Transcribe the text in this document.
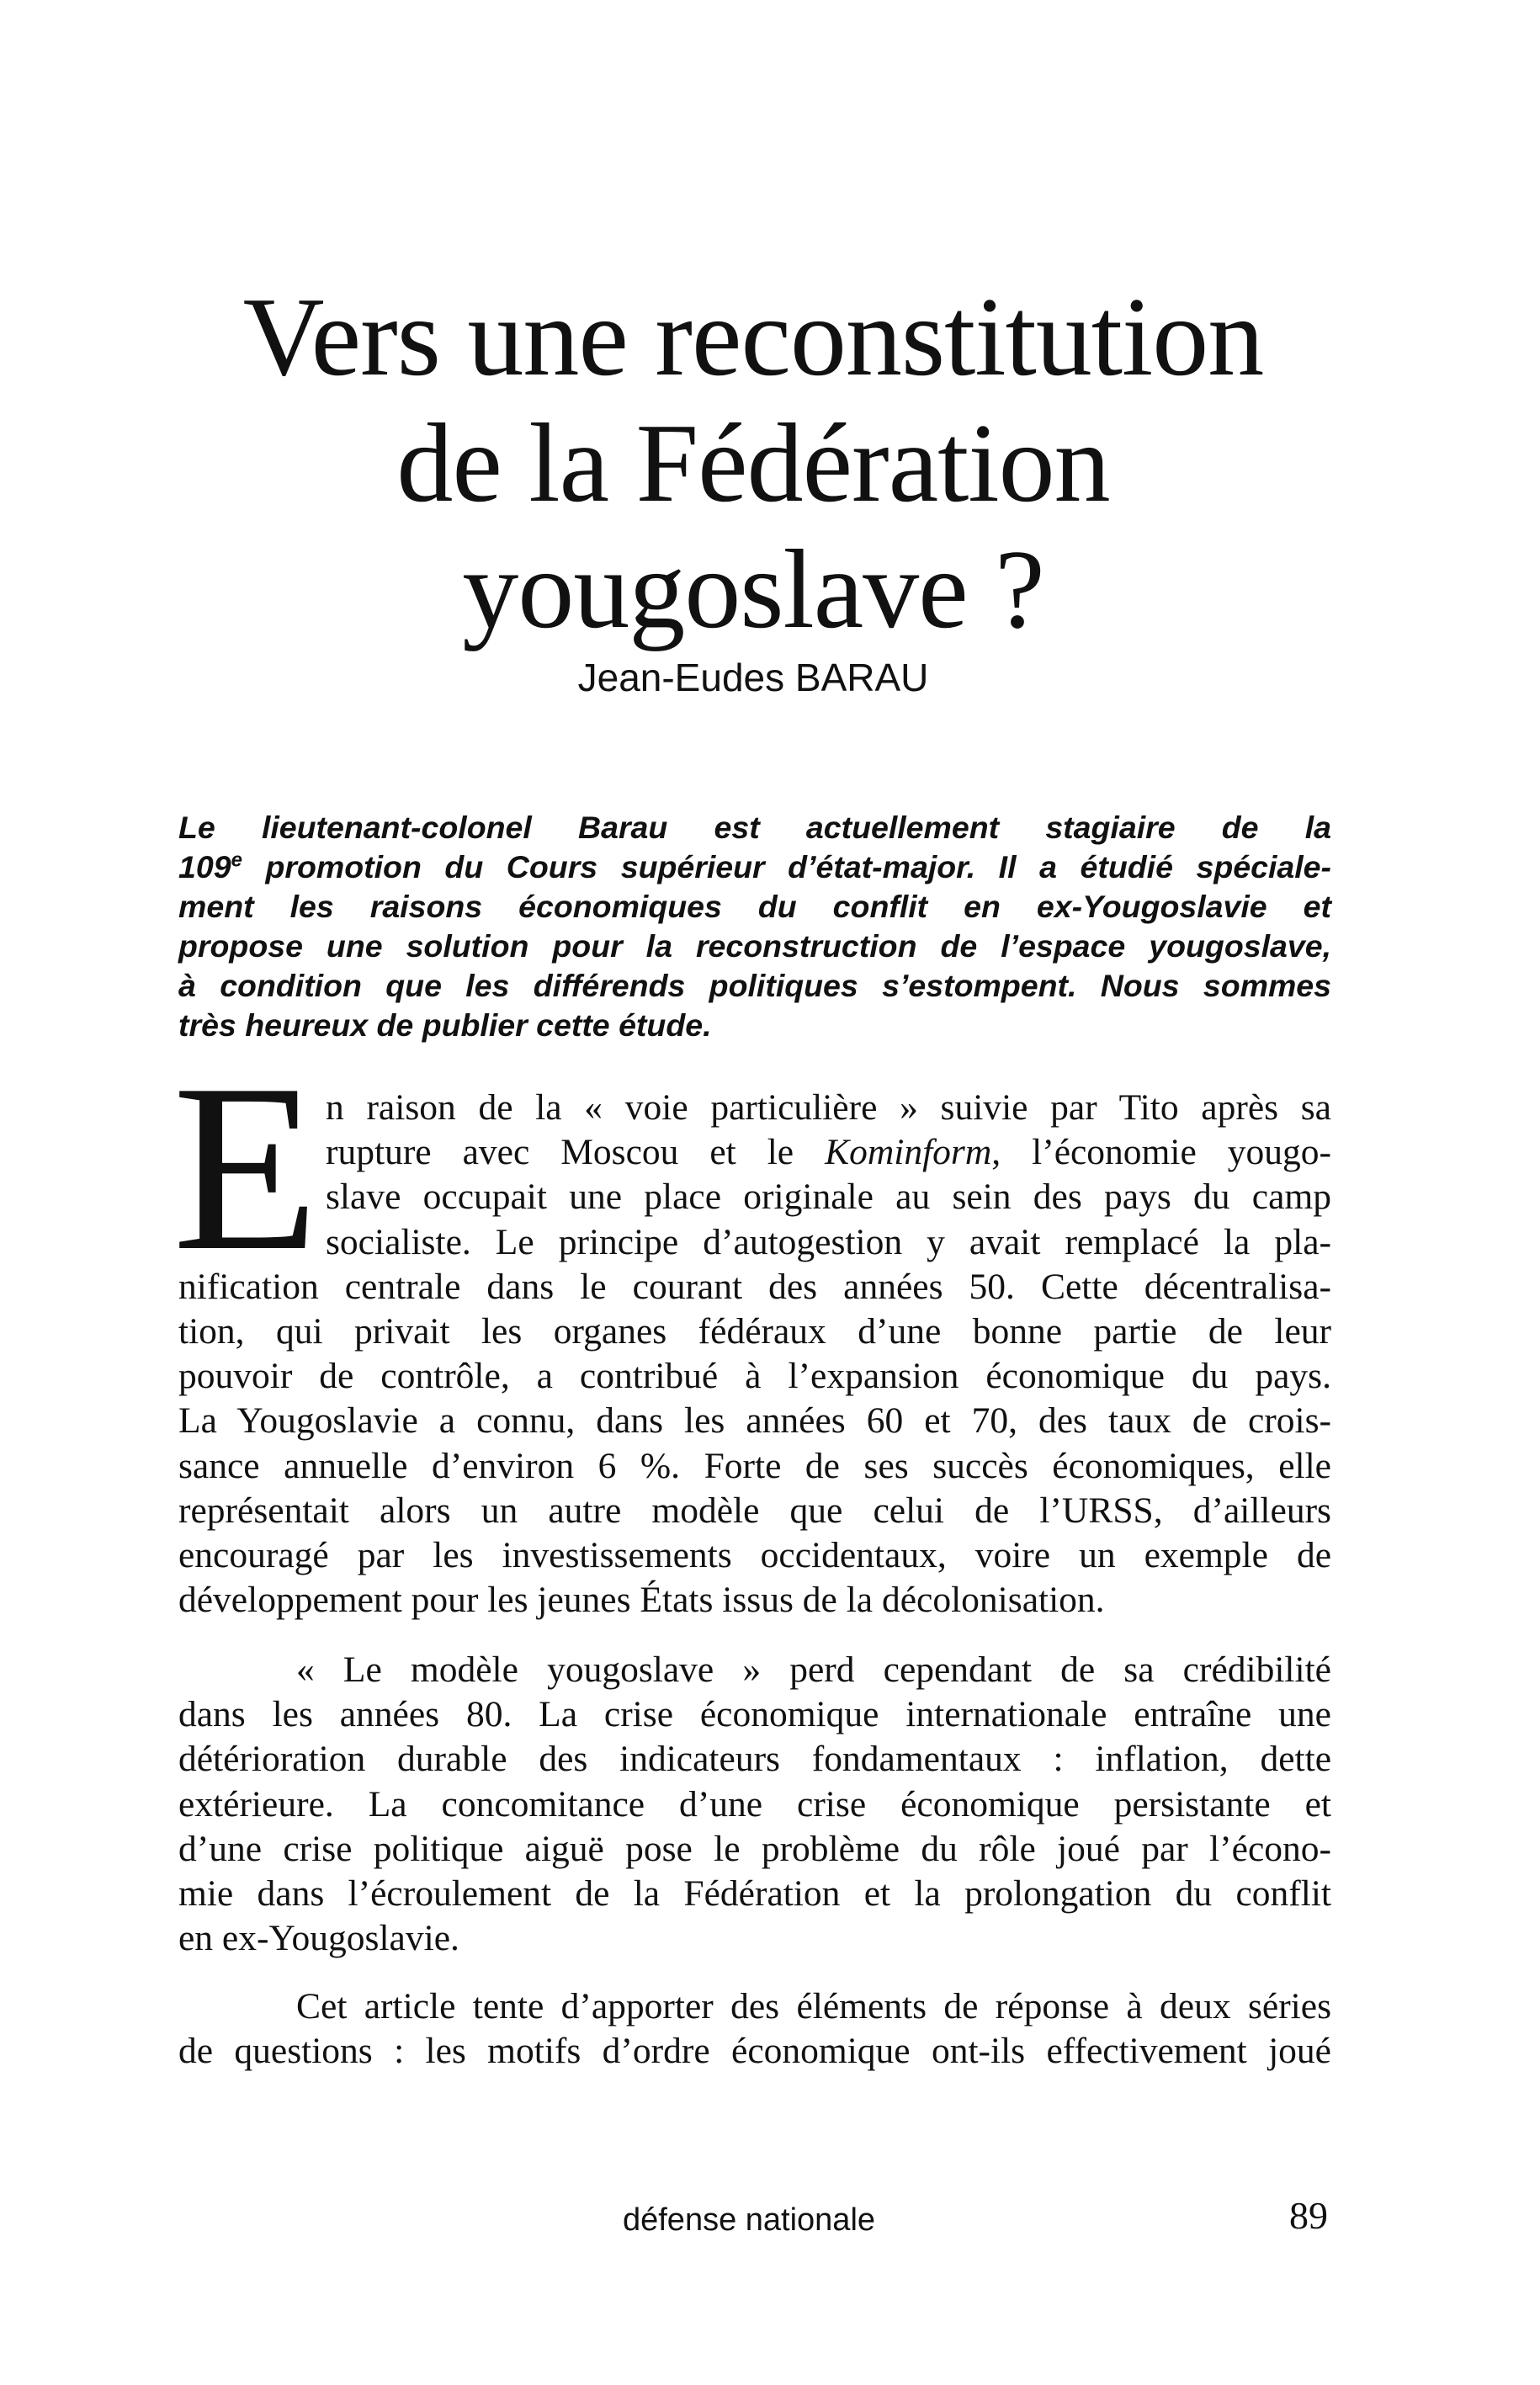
Vers une reconstitution
de la Fédération
yougoslave ?
Jean-Eudes BARAU
Le lieutenant-colonel Barau est actuellement stagiaire de la
109e promotion du Cours supérieur d’état-major. Il a étudié spéciale-
ment les raisons économiques du conflit en ex-Yougoslavie et
propose une solution pour la reconstruction de l’espace yougoslave,
à condition que les différends politiques s’estompent. Nous sommes
très heureux de publier cette étude.
E n raison de la « voie particulière » suivie par Tito après sa
rupture avec Moscou et le Kominform, l’économie yougo-
slave occupait une place originale au sein des pays du camp
socialiste. Le principe d’autogestion y avait remplacé la pla-
nification centrale dans le courant des années 50. Cette décentralisa-
tion, qui privait les organes fédéraux d’une bonne partie de leur
pouvoir de contrôle, a contribué à l’expansion économique du pays.
La Yougoslavie a connu, dans les années 60 et 70, des taux de crois-
sance annuelle d’environ 6 %. Forte de ses succès économiques, elle
représentait alors un autre modèle que celui de l’URSS, d’ailleurs
encouragé par les investissements occidentaux, voire un exemple de
développement pour les jeunes États issus de la décolonisation.
« Le modèle yougoslave » perd cependant de sa crédibilité
dans les années 80. La crise économique internationale entraîne une
détérioration durable des indicateurs fondamentaux : inflation, dette
extérieure. La concomitance d’une crise économique persistante et
d’une crise politique aiguë pose le problème du rôle joué par l’écono-
mie dans l’écroulement de la Fédération et la prolongation du conflit
en ex-Yougoslavie.
Cet article tente d’apporter des éléments de réponse à deux séries
de questions : les motifs d’ordre économique ont-ils effectivement joué
défense nationale	89
